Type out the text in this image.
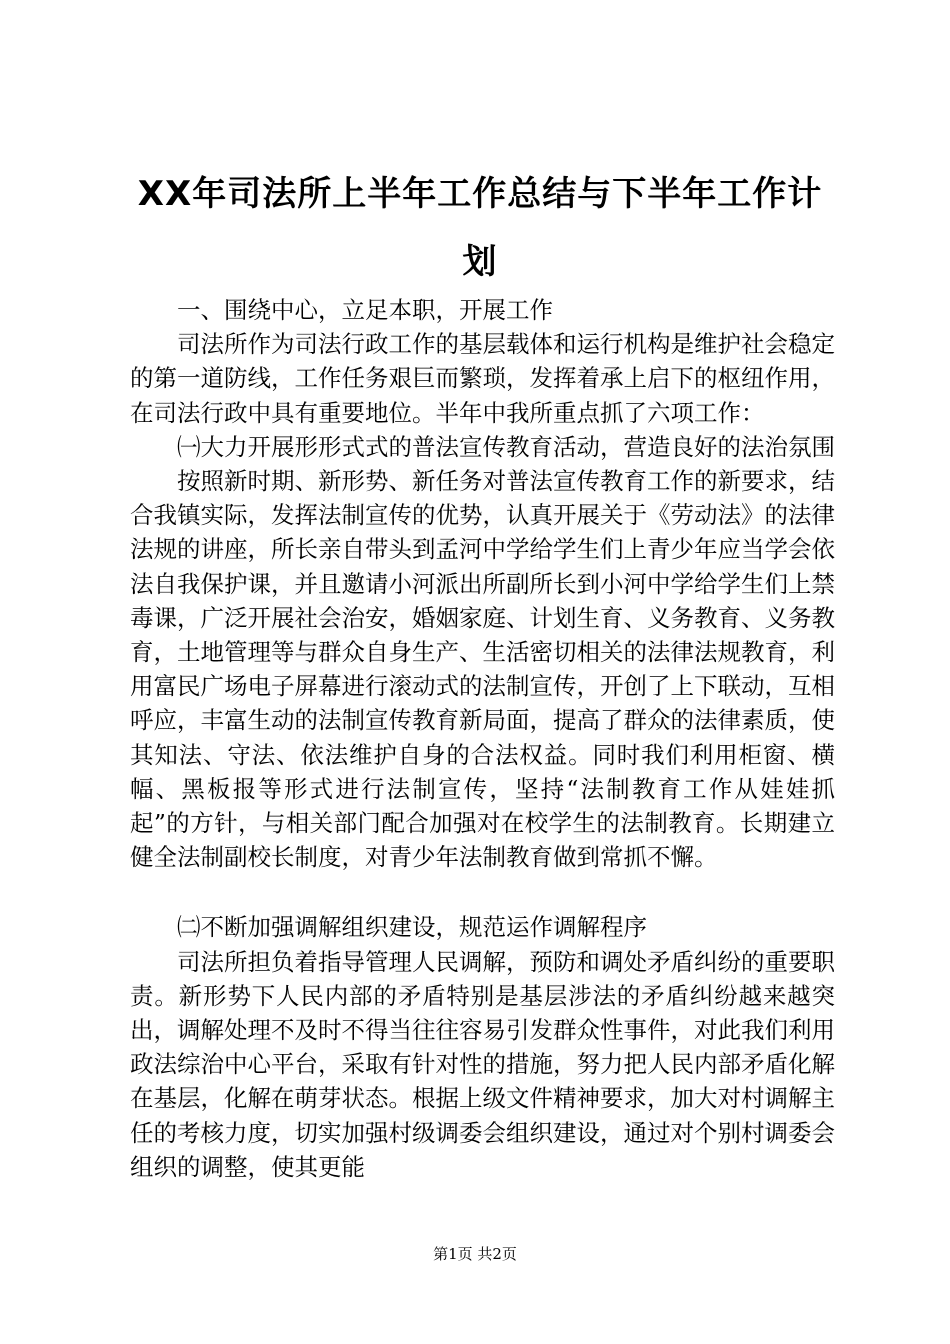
XX年司法所上半年工作总结与下半年工作计划

一、围绕中心，立足本职，开展工作

司法所作为司法行政工作的基层载体和运行机构是维护社会稳定的第一道防线，工作任务艰巨而繁琐，发挥着承上启下的枢纽作用，在司法行政中具有重要地位。半年中我所重点抓了六项工作：

㈠大力开展形形式式的普法宣传教育活动，营造良好的法治氛围

按照新时期、新形势、新任务对普法宣传教育工作的新要求，结合我镇实际，发挥法制宣传的优势，认真开展关于《劳动法》的法律法规的讲座，所长亲自带头到孟河中学给学生们上青少年应当学会依法自我保护课，并且邀请小河派出所副所长到小河中学给学生们上禁毒课，广泛开展社会治安，婚姻家庭、计划生育、义务教育、义务教育，土地管理等与群众自身生产、生活密切相关的法律法规教育，利用富民广场电子屏幕进行滚动式的法制宣传，开创了上下联动，互相呼应，丰富生动的法制宣传教育新局面，提高了群众的法律素质，使其知法、守法、依法维护自身的合法权益。同时我们利用柜窗、横幅、黑板报等形式进行法制宣传，坚持“法制教育工作从娃娃抓起”的方针，与相关部门配合加强对在校学生的法制教育。长期建立健全法制副校长制度，对青少年法制教育做到常抓不懈。

㈡不断加强调解组织建设，规范运作调解程序

司法所担负着指导管理人民调解，预防和调处矛盾纠纷的重要职责。新形势下人民内部的矛盾特别是基层涉法的矛盾纠纷越来越突出，调解处理不及时不得当往往容易引发群众性事件，对此我们利用政法综治中心平台，采取有针对性的措施，努力把人民内部矛盾化解在基层，化解在萌芽状态。根据上级文件精神要求，加大对村调解主任的考核力度，切实加强村级调委会组织建设，通过对个别村调委会组织的调整，使其更能

第1页 共2页
